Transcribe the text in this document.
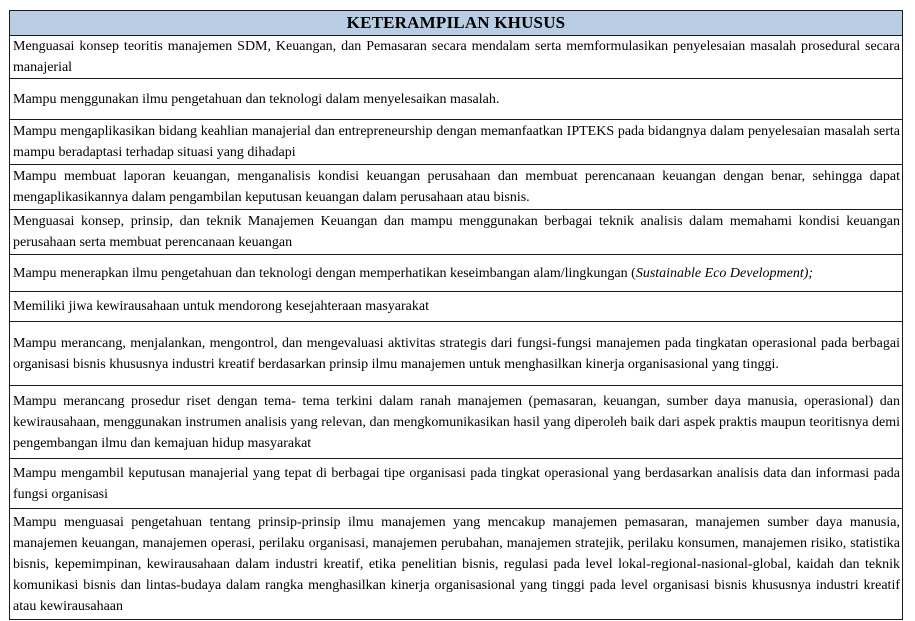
KETERAMPILAN KHUSUS
Menguasai konsep teoritis manajemen SDM, Keuangan, dan Pemasaran secara mendalam serta memformulasikan penyelesaian masalah prosedural secara manajerial
Mampu menggunakan ilmu pengetahuan dan teknologi dalam menyelesaikan masalah.
Mampu mengaplikasikan bidang keahlian manajerial dan entrepreneurship dengan memanfaatkan IPTEKS pada bidangnya dalam penyelesaian masalah serta mampu beradaptasi terhadap situasi yang dihadapi
Mampu membuat laporan keuangan, menganalisis kondisi keuangan perusahaan dan membuat perencanaan keuangan dengan benar, sehingga dapat mengaplikasikannya dalam pengambilan keputusan keuangan dalam perusahaan atau bisnis.
Menguasai konsep, prinsip, dan teknik Manajemen Keuangan dan mampu menggunakan berbagai teknik analisis dalam memahami kondisi keuangan perusahaan serta membuat perencanaan keuangan
Mampu menerapkan ilmu pengetahuan dan teknologi dengan memperhatikan keseimbangan alam/lingkungan (Sustainable Eco Development);
Memiliki jiwa kewirausahaan untuk mendorong kesejahteraan masyarakat
Mampu merancang, menjalankan, mengontrol, dan mengevaluasi aktivitas strategis dari fungsi-fungsi manajemen pada tingkatan operasional pada berbagai organisasi bisnis khususnya industri kreatif berdasarkan prinsip ilmu manajemen untuk menghasilkan kinerja organisasional yang tinggi.
Mampu merancang prosedur riset dengan tema- tema terkini dalam ranah manajemen (pemasaran, keuangan, sumber daya manusia, operasional) dan kewirausahaan, menggunakan instrumen analisis yang relevan, dan mengkomunikasikan hasil yang diperoleh baik dari aspek praktis maupun teoritisnya demi pengembangan ilmu dan kemajuan hidup masyarakat
Mampu mengambil keputusan manajerial yang tepat di berbagai tipe organisasi pada tingkat operasional yang berdasarkan analisis data dan informasi pada fungsi organisasi
Mampu menguasai pengetahuan tentang prinsip-prinsip ilmu manajemen yang mencakup manajemen pemasaran, manajemen sumber daya manusia, manajemen keuangan, manajemen operasi, perilaku organisasi, manajemen perubahan, manajemen stratejik, perilaku konsumen, manajemen risiko, statistika bisnis, kepemimpinan, kewirausahaan dalam industri kreatif, etika penelitian bisnis, regulasi pada level lokal-regional-nasional-global, kaidah dan teknik komunikasi bisnis dan lintas-budaya dalam rangka menghasilkan kinerja organisasional yang tinggi pada level organisasi bisnis khususnya industri kreatif atau kewirausahaan
